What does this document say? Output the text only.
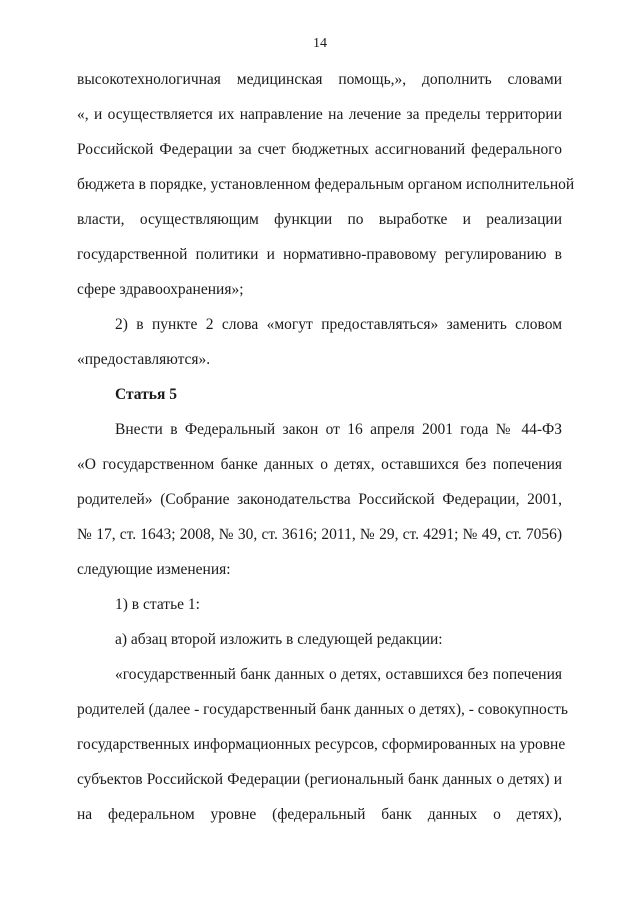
14
высокотехнологичная медицинская помощь,», дополнить словами
«, и осуществляется их направление на лечение за пределы территории
Российской Федерации за счет бюджетных ассигнований федерального
бюджета в порядке, установленном федеральным органом исполнительной
власти, осуществляющим функции по выработке и реализации
государственной политики и нормативно-правовому регулированию в
сфере здравоохранения»;
2) в пункте 2 слова «могут предоставляться» заменить словом
«предоставляются».
Статья 5
Внести в Федеральный закон от 16 апреля 2001 года № 44-ФЗ
«О государственном банке данных о детях, оставшихся без попечения
родителей» (Собрание законодательства Российской Федерации, 2001,
№ 17, ст. 1643; 2008, № 30, ст. 3616; 2011, № 29, ст. 4291; № 49, ст. 7056)
следующие изменения:
1) в статье 1:
а) абзац второй изложить в следующей редакции:
«государственный банк данных о детях, оставшихся без попечения
родителей (далее - государственный банк данных о детях), - совокупность
государственных информационных ресурсов, сформированных на уровне
субъектов Российской Федерации (региональный банк данных о детях) и
на федеральном уровне (федеральный банк данных о детях),
